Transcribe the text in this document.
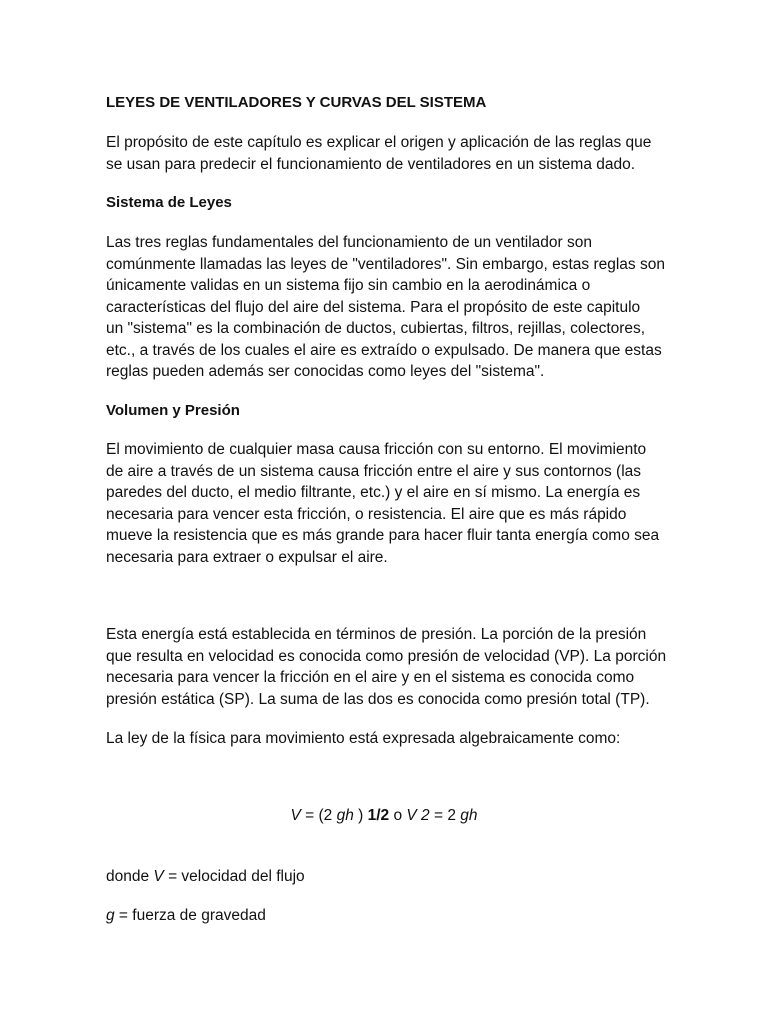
LEYES DE VENTILADORES Y CURVAS DEL SISTEMA
El propósito de este capítulo es explicar el origen y aplicación de las reglas que
se usan para predecir el funcionamiento de ventiladores en un sistema dado.
Sistema de Leyes
Las tres reglas fundamentales del funcionamiento de un ventilador son
comúnmente llamadas las leyes de "ventiladores". Sin embargo, estas reglas son
únicamente validas en un sistema fijo sin cambio en la aerodinámica o
características del flujo del aire del sistema. Para el propósito de este capitulo
un "sistema" es la combinación de ductos, cubiertas, filtros, rejillas, colectores,
etc., a través de los cuales el aire es extraído o expulsado. De manera que estas
reglas pueden además ser conocidas como leyes del "sistema".
Volumen y Presión
El movimiento de cualquier masa causa fricción con su entorno. El movimiento
de aire a través de un sistema causa fricción entre el aire y sus contornos (las
paredes del ducto, el medio filtrante, etc.) y el aire en sí mismo. La energía es
necesaria para vencer esta fricción, o resistencia. El aire que es más rápido
mueve la resistencia que es más grande para hacer fluir tanta energía como sea
necesaria para extraer o expulsar el aire.
Esta energía está establecida en términos de presión. La porción de la presión
que resulta en velocidad es conocida como presión de velocidad (VP). La porción
necesaria para vencer la fricción en el aire y en el sistema es conocida como
presión estática (SP). La suma de las dos es conocida como presión total (TP).
La ley de la física para movimiento está expresada algebraicamente como:
V = (2 gh ) 1/2 o V 2 = 2 gh
donde V = velocidad del flujo
g = fuerza de gravedad
